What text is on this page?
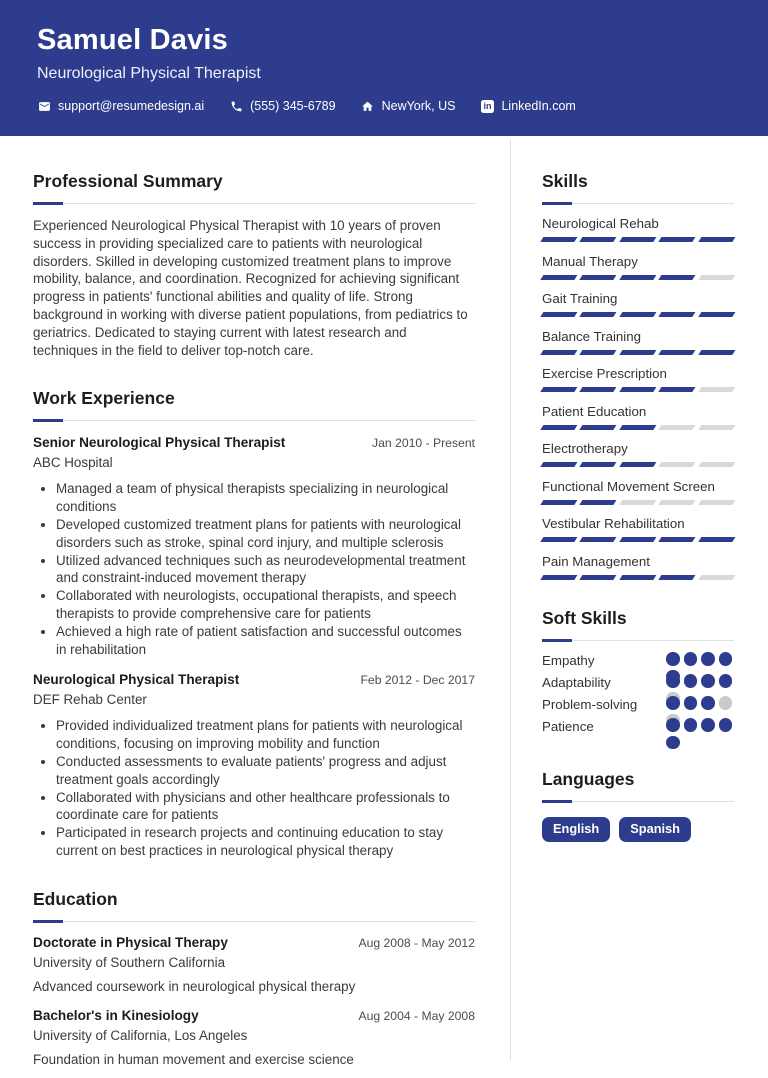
Samuel Davis
Neurological Physical Therapist
support@resumedesign.ai	(555) 345-6789	NewYork, US	in LinkedIn.com
Professional Summary

Experienced Neurological Physical Therapist with 10 years of proven success in providing specialized care to patients with neurological disorders. Skilled in developing customized treatment plans to improve mobility, balance, and coordination. Recognized for achieving significant progress in patients' functional abilities and quality of life. Strong background in working with diverse patient populations, from pediatrics to geriatrics. Dedicated to staying current with latest research and techniques in the field to deliver top-notch care.

Work Experience
Senior Neurological Physical Therapist	Jan 2010 - Present
ABC Hospital
• Managed a team of physical therapists specializing in neurological conditions
• Developed customized treatment plans for patients with neurological disorders such as stroke, spinal cord injury, and multiple sclerosis
• Utilized advanced techniques such as neurodevelopmental treatment and constraint-induced movement therapy
• Collaborated with neurologists, occupational therapists, and speech therapists to provide comprehensive care for patients
• Achieved a high rate of patient satisfaction and successful outcomes in rehabilitation
Neurological Physical Therapist	Feb 2012 - Dec 2017
DEF Rehab Center
• Provided individualized treatment plans for patients with neurological conditions, focusing on improving mobility and function
• Conducted assessments to evaluate patients' progress and adjust treatment goals accordingly
• Collaborated with physicians and other healthcare professionals to coordinate care for patients
• Participated in research projects and continuing education to stay current on best practices in neurological physical therapy
Education
Doctorate in Physical Therapy	Aug 2008 - May 2012
University of Southern California
Advanced coursework in neurological physical therapy
Bachelor's in Kinesiology	Aug 2004 - May 2008
University of California, Los Angeles
Foundation in human movement and exercise science
Skills
Neurological Rehab
Manual Therapy
Gait Training
Balance Training
Exercise Prescription
Patient Education
Electrotherapy
Functional Movement Screen
Vestibular Rehabilitation
Pain Management
Soft Skills
Empathy
Adaptability
Problem-solving
Patience
Languages
English	Spanish
